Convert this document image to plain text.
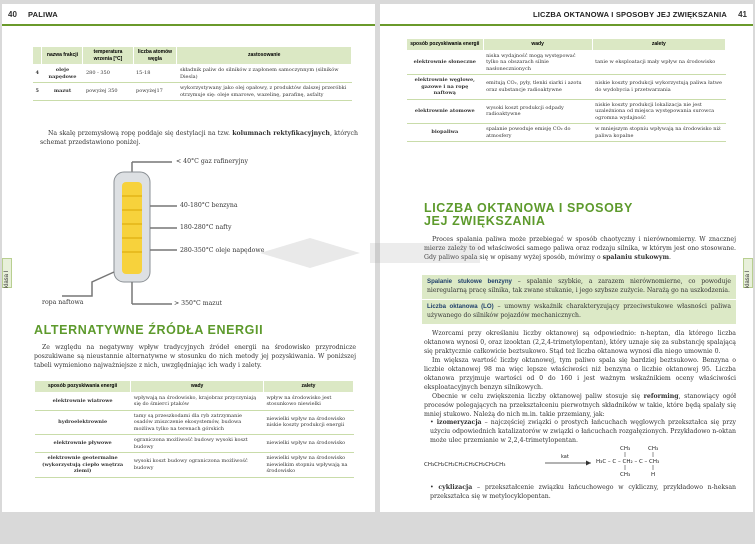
40 PALIWA
klasa I
	nazwa frakcji	temperatura wrzenia [°C]	liczba atomów węgla	zastosowanie
4	oleje napędowe	280 - 350	15-18	składnik paliw do silników z zapłonem samoczynnym (silników Diesla)
5	mazut	powyżej 350	powyżej17	wykorzystywany jako olej opałowy, z produktów dalszej przeróbki otrzymuje się: oleje smarowe, wazelinę, parafinę, asfalty
Na skalę przemysłową ropę poddaje się destylacji na tzw. kolumnach rektyfikacyjnych, których schemat przedstawiono poniżej.
< 40°C gaz rafineryjny
40-180°C benzyna
180-280°C nafty
280-350°C oleje napędowe
ropa naftowa	> 350°C mazut
ALTERNATYWNE ŹRÓDŁA ENERGII
Ze względu na negatywny wpływ tradycyjnych źródeł energii na środowisko przyrodnicze poszukiwane są nieustannie alternatywne w stosunku do nich metody jej pozyskiwania. W poniższej tabeli wymieniono najważniejsze z nich, uwzględniając ich wady i zalety.
sposób pozyskiwania energii	wady	zalety
elektrownie wiatrowe	wpływają na środowisko, krajobraz przyczyniają się do śmierci ptaków	wpływ na środowisko jest stosunkowo niewielki
hydroelektrownie	tamy są przeszkodami dla ryb zatrzymanie osadów zniszczenie ekosystemów, budowa możliwa tylko na terenach górskich	niewielki wpływ na środowisko niskie koszty produkcji energii
elektrownie pływowe	ograniczona możliwość budowy wysoki koszt budowy	niewielki wpływ na środowisko
elektrownie geotermalne (wykorzystują ciepło wnętrza ziemi)	wysoki koszt budowy ograniczona możliwość budowy	niewielki wpływ na środowisko niewielkim stopniu wpływają na środowisko
LICZBA OKTANOWA I SPOSOBY JEJ ZWIĘKSZANIA 41
klasa I
sposób pozyskiwania energii	wady	zalety
elektrownie słoneczne	niska wydajność mogą występować tylko na obszarach silnie nasłonecznionych	tanie w eksploatacji mały wpływ na środowisko
elektrownie węglowe, gazowe i na ropę naftową	emitują CO₂, pyły, tlenki siarki i azotu oraz substancje radioaktywne	niskie koszty produkcji wykorzystują paliwa łatwe do wydobycia i przetwarzania
elektrownie atomowe	wysoki koszt produkcji odpady radioaktywne	niskie koszty produkcji lokalizacja nie jest uzależniona od miejsca występowania surowca ogromna wydajność
biopaliwa	spalanie powoduje emisję CO₂ do atmosfery	w mniejszym stopniu wpływają na środowisko niż paliwa kopalne
LICZBA OKTANOWA I SPOSOBY
JEJ ZWIĘKSZANIA
Proces spalania paliwa może przebiegać w sposób chaotyczny i nierównomierny. W znacznej mierze zależy to od właściwości samego paliwa oraz rodzaju silnika, w którym jest ono stosowane. Gdy paliwo spala się w opisany wyżej sposób, mówimy o spalaniu stukowym.
Spalanie stukowe benzyny – spalanie szybkie, a zarazem nierównomierne, co powoduje nieregularną pracę silnika, tak zwane stukanie, i jego szybsze zużycie. Narażą go na uszkodzenia.
Liczba oktanowa (LO) – umowny wskaźnik charakteryzujący przeciwstukowe własności paliwa używanego do silników pojazdów mechanicznych.
Wzorcami przy określaniu liczby oktanowej są odpowiednio: n-heptan, dla którego liczba oktanowa wynosi 0, oraz izooktan (2,2,4-trimetylopentan), który uznaje się za substancję spalającą się praktycznie całkowicie beztsukowo. Stąd też liczba oktanowa wynosi dla niego umownie 0.
Im większa wartość liczby oktanowej, tym paliwo spala się bardziej beztsukowo. Benzyna o liczbie oktanowej 98 ma więc lepsze właściwości niż benzyna o liczbie oktanowej 95. Liczba oktanowa przyjmuje wartości od 0 do 160 i jest ważnym wskaźnikiem oceny właściwości eksploatacyjnych benzyn silnikowych.
Obecnie w celu zwiększenia liczby oktanowej paliw stosuje się reforming, stanowiący ogół procesów polegających na przekształceniu pierwotnych składników w takie, które będą spalały się mniej stukowo. Należą do nich m.in. takie przemiany, jak:
• izomeryzacja – najczęściej związki o prostych łańcuchach węglowych przekształca się przy użyciu odpowiednich katalizatorów w związki o łańcuchach rozgałęzionych. Przykładowo n-oktan może ulec przemianie w 2,2,4-trimetylopentan.
CH₃CH₂CH₂CH₂CH₂CH₂CH₂CH₃
kat
CH₃	CH₃
H₃C – C – CH₂ – C – CH₃
CH₃	H
• cyklizacja – przekształcenie związku łańcuchowego w cykliczny, przykładowo n-heksan przekształca się w metylocyklopentan.
